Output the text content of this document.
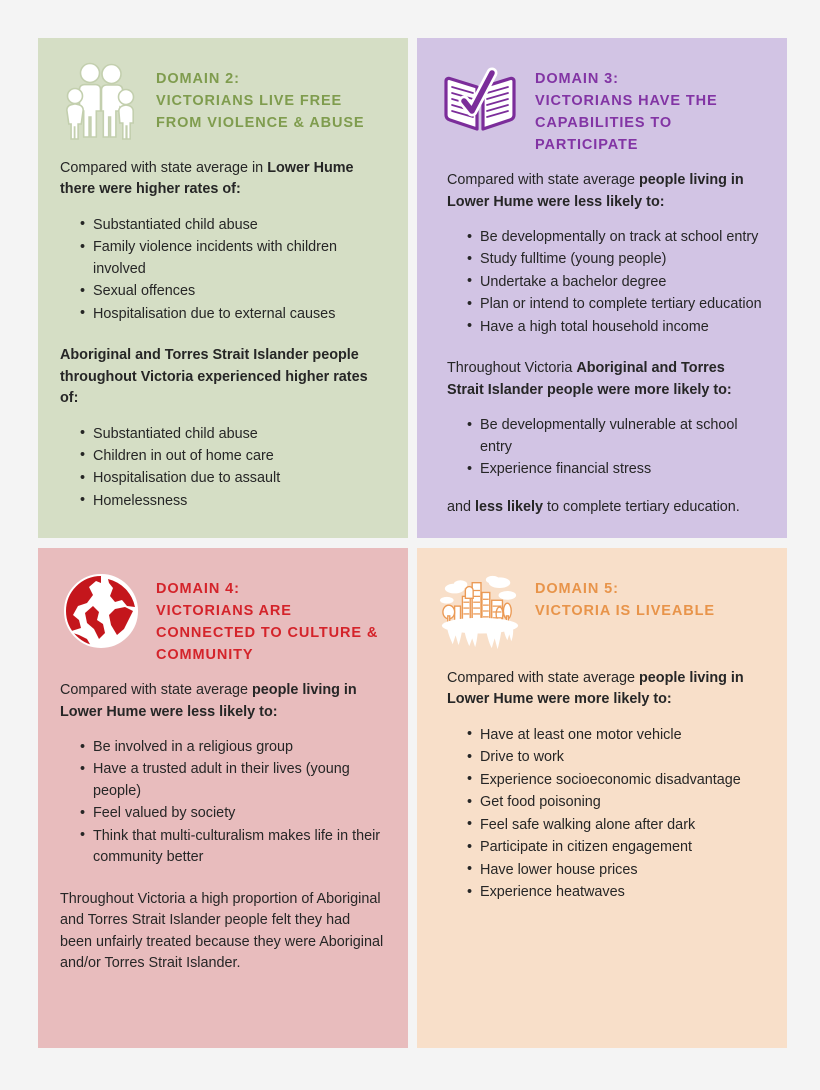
DOMAIN 2:
VICTORIANS LIVE FREE FROM VIOLENCE & ABUSE

Compared with state average in Lower Hume there were higher rates of:

• Substantiated child abuse
• Family violence incidents with children involved
• Sexual offences
• Hospitalisation due to external causes

Aboriginal and Torres Strait Islander people throughout Victoria experienced higher rates of:

• Substantiated child abuse
• Children in out of home care
• Hospitalisation due to assault
• Homelessness
DOMAIN 3:
VICTORIANS HAVE THE CAPABILITIES TO PARTICIPATE

Compared with state average people living in Lower Hume were less likely to:

• Be developmentally on track at school entry
• Study fulltime (young people)
• Undertake a bachelor degree
• Plan or intend to complete tertiary education
• Have a high total household income

Throughout Victoria Aboriginal and Torres Strait Islander people were more likely to:

• Be developmentally vulnerable at school entry
• Experience financial stress

and less likely to complete tertiary education.

DOMAIN 4:
VICTORIANS ARE CONNECTED TO CULTURE & COMMUNITY

Compared with state average people living in Lower Hume were less likely to:

• Be involved in a religious group
• Have a trusted adult in their lives (young people)
• Feel valued by society
• Think that multi-culturalism makes life in their community better

Throughout Victoria a high proportion of Aboriginal and Torres Strait Islander people felt they had been unfairly treated because they were Aboriginal and/or Torres Strait Islander.

DOMAIN 5:
VICTORIA IS LIVEABLE

Compared with state average people living in Lower Hume were more likely to:

• Have at least one motor vehicle
• Drive to work
• Experience socioeconomic disadvantage
• Get food poisoning
• Feel safe walking alone after dark
• Participate in citizen engagement
• Have lower house prices
• Experience heatwaves
